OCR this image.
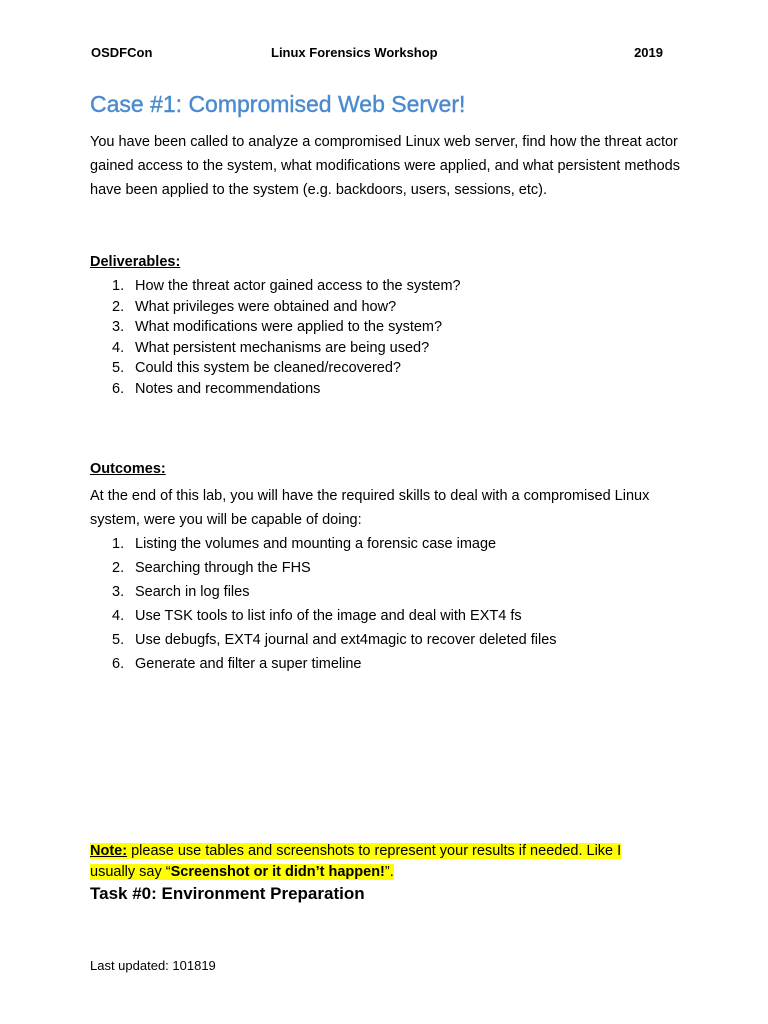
OSDFCon	Linux Forensics Workshop	2019
Case #1: Compromised Web Server!

You have been called to analyze a compromised Linux web server, find how the threat actor gained access to the system, what modifications were applied, and what persistent methods have been applied to the system (e.g. backdoors, users, sessions, etc).

Deliverables:
1. How the threat actor gained access to the system?
2. What privileges were obtained and how?
3. What modifications were applied to the system?
4. What persistent mechanisms are being used?
5. Could this system be cleaned/recovered?
6. Notes and recommendations
Outcomes:

At the end of this lab, you will have the required skills to deal with a compromised Linux system, were you will be capable of doing:

1. Listing the volumes and mounting a forensic case image
2. Searching through the FHS
3. Search in log files
4. Use TSK tools to list info of the image and deal with EXT4 fs
5. Use debugfs, EXT4 journal and ext4magic to recover deleted files
6. Generate and filter a super timeline

Note: please use tables and screenshots to represent your results if needed. Like I usually say “Screenshot or it didn’t happen!”.

Task #0: Environment Preparation
Last updated: 101819
